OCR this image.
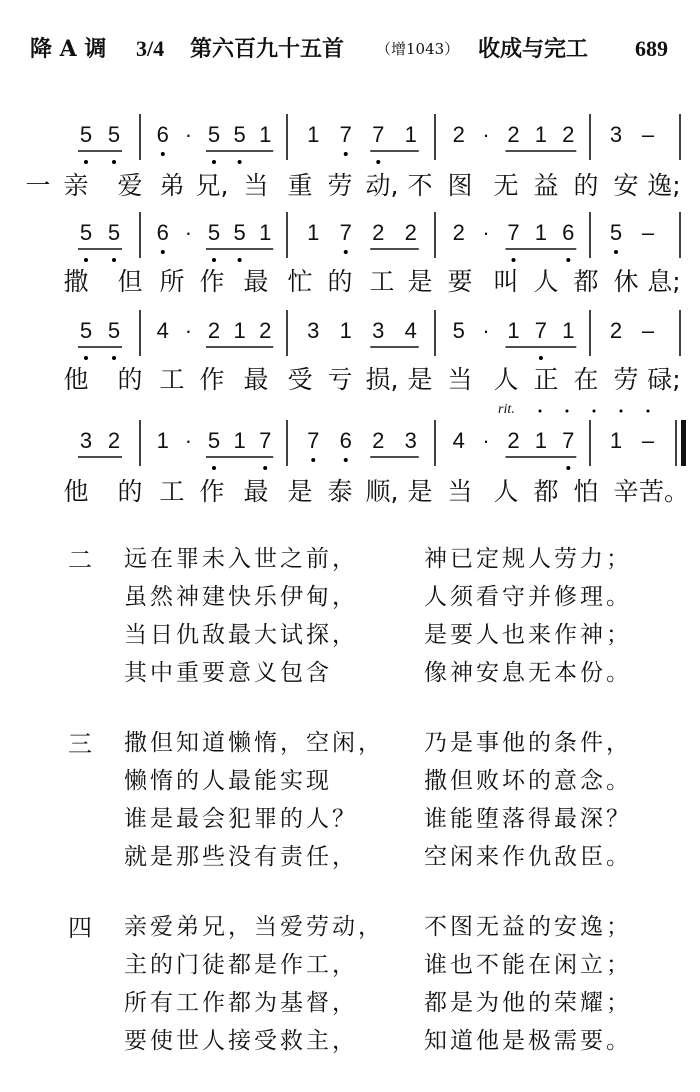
降 A 调 3/4 第六百九十五首 （增1043） 收成与完工 689
5 5 6 · 5 5 1 1 7 7 1 2 · 2 1 2 3 –
亲 爱 弟 兄, 当 重 劳 动, 不 图 无 益 的 安 逸;
5 5 6 · 5 5 1 1 7 2 2 2 · 7 1 6 5 –
撒 但 所 作 最 忙 的 工 是 要 叫 人 都 休 息;
5 5 4 · 2 1 2 3 1 3 4 5 · 1 7 1 2 –
他 的 工 作 最 受 亏 损, 是 当 人 正 在 劳 碌;
3 2 1 · 5 1 7 7 6 2 3 4 · 2 1 7 1 –
他 的 工 作 最 是 泰 顺, 是 当 人 都 怕 辛 苦。
一
rit.
二 远在罪未入世之前，	神已定规人劳力；
虽然神建快乐伊甸，	人须看守并修理。
当日仇敌最大试探，	是要人也来作神；
其中重要意义包含	像神安息无本份。
三 撒但知道懒惰，空闲， 乃是事他的条件，
懒惰的人最能实现	撒但败坏的意念。
谁是最会犯罪的人？	谁能堕落得最深？
就是那些没有责任，	空闲来作仇敌臣。
四 亲爱弟兄，当爱劳动， 不图无益的安逸；
主的门徒都是作工，	谁也不能在闲立；
所有工作都为基督，	都是为他的荣耀；
要使世人接受救主，	知道他是极需要。
